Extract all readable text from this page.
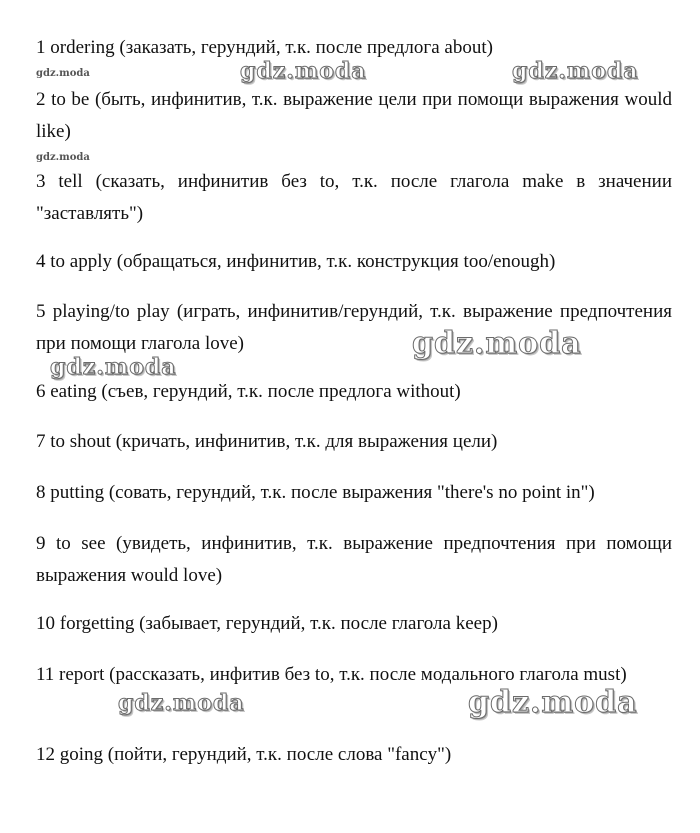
1 ordering (заказать, герундий, т.к. после предлога about)
2 to be (быть, инфинитив, т.к. выражение цели при помощи выражения would like)
3 tell (сказать, инфинитив без to, т.к. после глагола make в значении "заставлять")
4 to apply (обращаться, инфинитив, т.к. конструкция too/enough)
5 playing/to play (играть, инфинитив/герундий, т.к. выражение предпочтения при помощи глагола love)
6 eating (съев, герундий, т.к. после предлога without)
7 to shout (кричать, инфинитив, т.к. для выражения цели)
8 putting (совать, герундий, т.к. после выражения "there's no point in")
9 to see (увидеть, инфинитив, т.к. выражение предпочтения при помощи выражения would love)
10 forgetting (забывает, герундий, т.к. после глагола keep)
11 report (рассказать, инфитив без to, т.к. после модального глагола must)
12 going (пойти, герундий, т.к. после слова "fancy")
gdz.moda	gdz.moda	gdz.moda
gdz.moda
gdz.moda
gdz.moda
gdz.moda	gdz.moda
